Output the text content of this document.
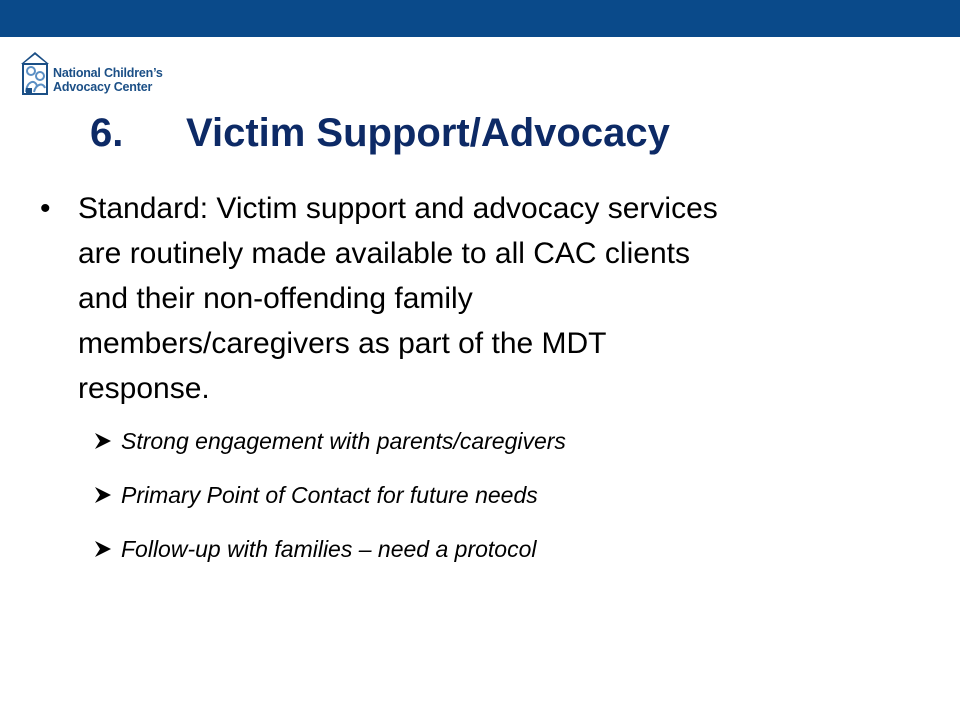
National Children’s
Advocacy Center
6. Victim Support/Advocacy
• Standard: Victim support and advocacy services
are routinely made available to all CAC clients
and their non-offending family
members/caregivers as part of the MDT
response.
Strong engagement with parents/caregivers
Primary Point of Contact for future needs
Follow-up with families – need a protocol
